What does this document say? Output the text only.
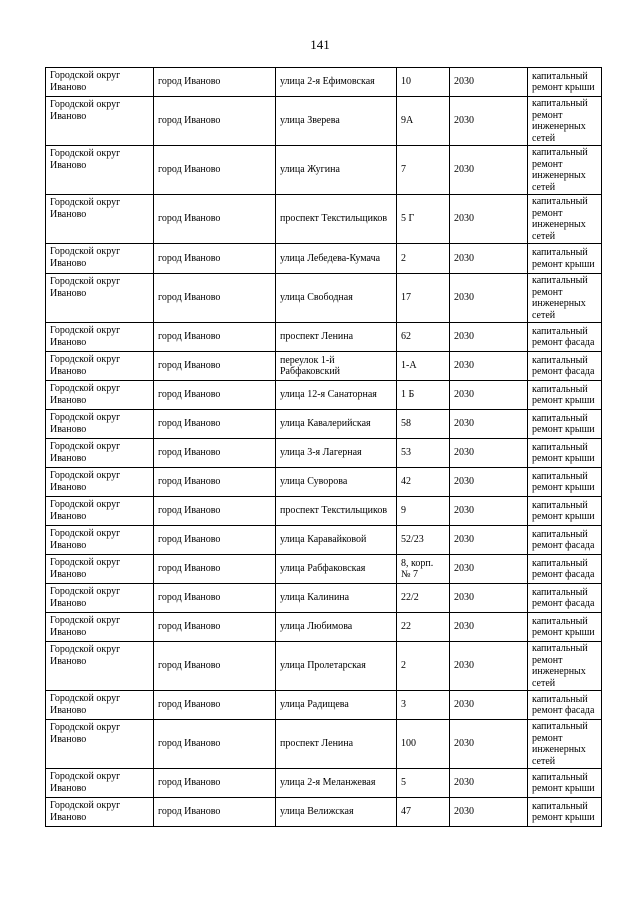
141
Городской округ Иваново	город Иваново	улица 2-я Ефимовская	10	2030	капитальный ремонт крыши
Городской округ Иваново	город Иваново	улица Зверева	9А	2030	капитальный ремонт инженерных сетей
Городской округ Иваново	город Иваново	улица Жугина	7	2030	капитальный ремонт инженерных сетей
Городской округ Иваново	город Иваново	проспект Текстильщиков	5 Г	2030	капитальный ремонт инженерных сетей
Городской округ Иваново	город Иваново	улица Лебедева-Кумача	2	2030	капитальный ремонт крыши
Городской округ Иваново	город Иваново	улица Свободная	17	2030	капитальный ремонт инженерных сетей
Городской округ Иваново	город Иваново	проспект Ленина	62	2030	капитальный ремонт фасада
Городской округ Иваново	город Иваново	переулок 1-й Рабфаковский	1-А	2030	капитальный ремонт фасада
Городской округ Иваново	город Иваново	улица 12-я Санаторная	1 Б	2030	капитальный ремонт крыши
Городской округ Иваново	город Иваново	улица Кавалерийская	58	2030	капитальный ремонт крыши
Городской округ Иваново	город Иваново	улица 3-я Лагерная	53	2030	капитальный ремонт крыши
Городской округ Иваново	город Иваново	улица Суворова	42	2030	капитальный ремонт крыши
Городской округ Иваново	город Иваново	проспект Текстильщиков	9	2030	капитальный ремонт крыши
Городской округ Иваново	город Иваново	улица Каравайковой	52/23	2030	капитальный ремонт фасада
Городской округ Иваново	город Иваново	улица Рабфаковская	8, корп. № 7	2030	капитальный ремонт фасада
Городской округ Иваново	город Иваново	улица Калинина	22/2	2030	капитальный ремонт фасада
Городской округ Иваново	город Иваново	улица Любимова	22	2030	капитальный ремонт крыши
Городской округ Иваново	город Иваново	улица Пролетарская	2	2030	капитальный ремонт инженерных сетей
Городской округ Иваново	город Иваново	улица Радищева	3	2030	капитальный ремонт фасада
Городской округ Иваново	город Иваново	проспект Ленина	100	2030	капитальный ремонт инженерных сетей
Городской округ Иваново	город Иваново	улица 2-я Меланжевая	5	2030	капитальный ремонт крыши
Городской округ Иваново	город Иваново	улица Велижская	47	2030	капитальный ремонт крыши
